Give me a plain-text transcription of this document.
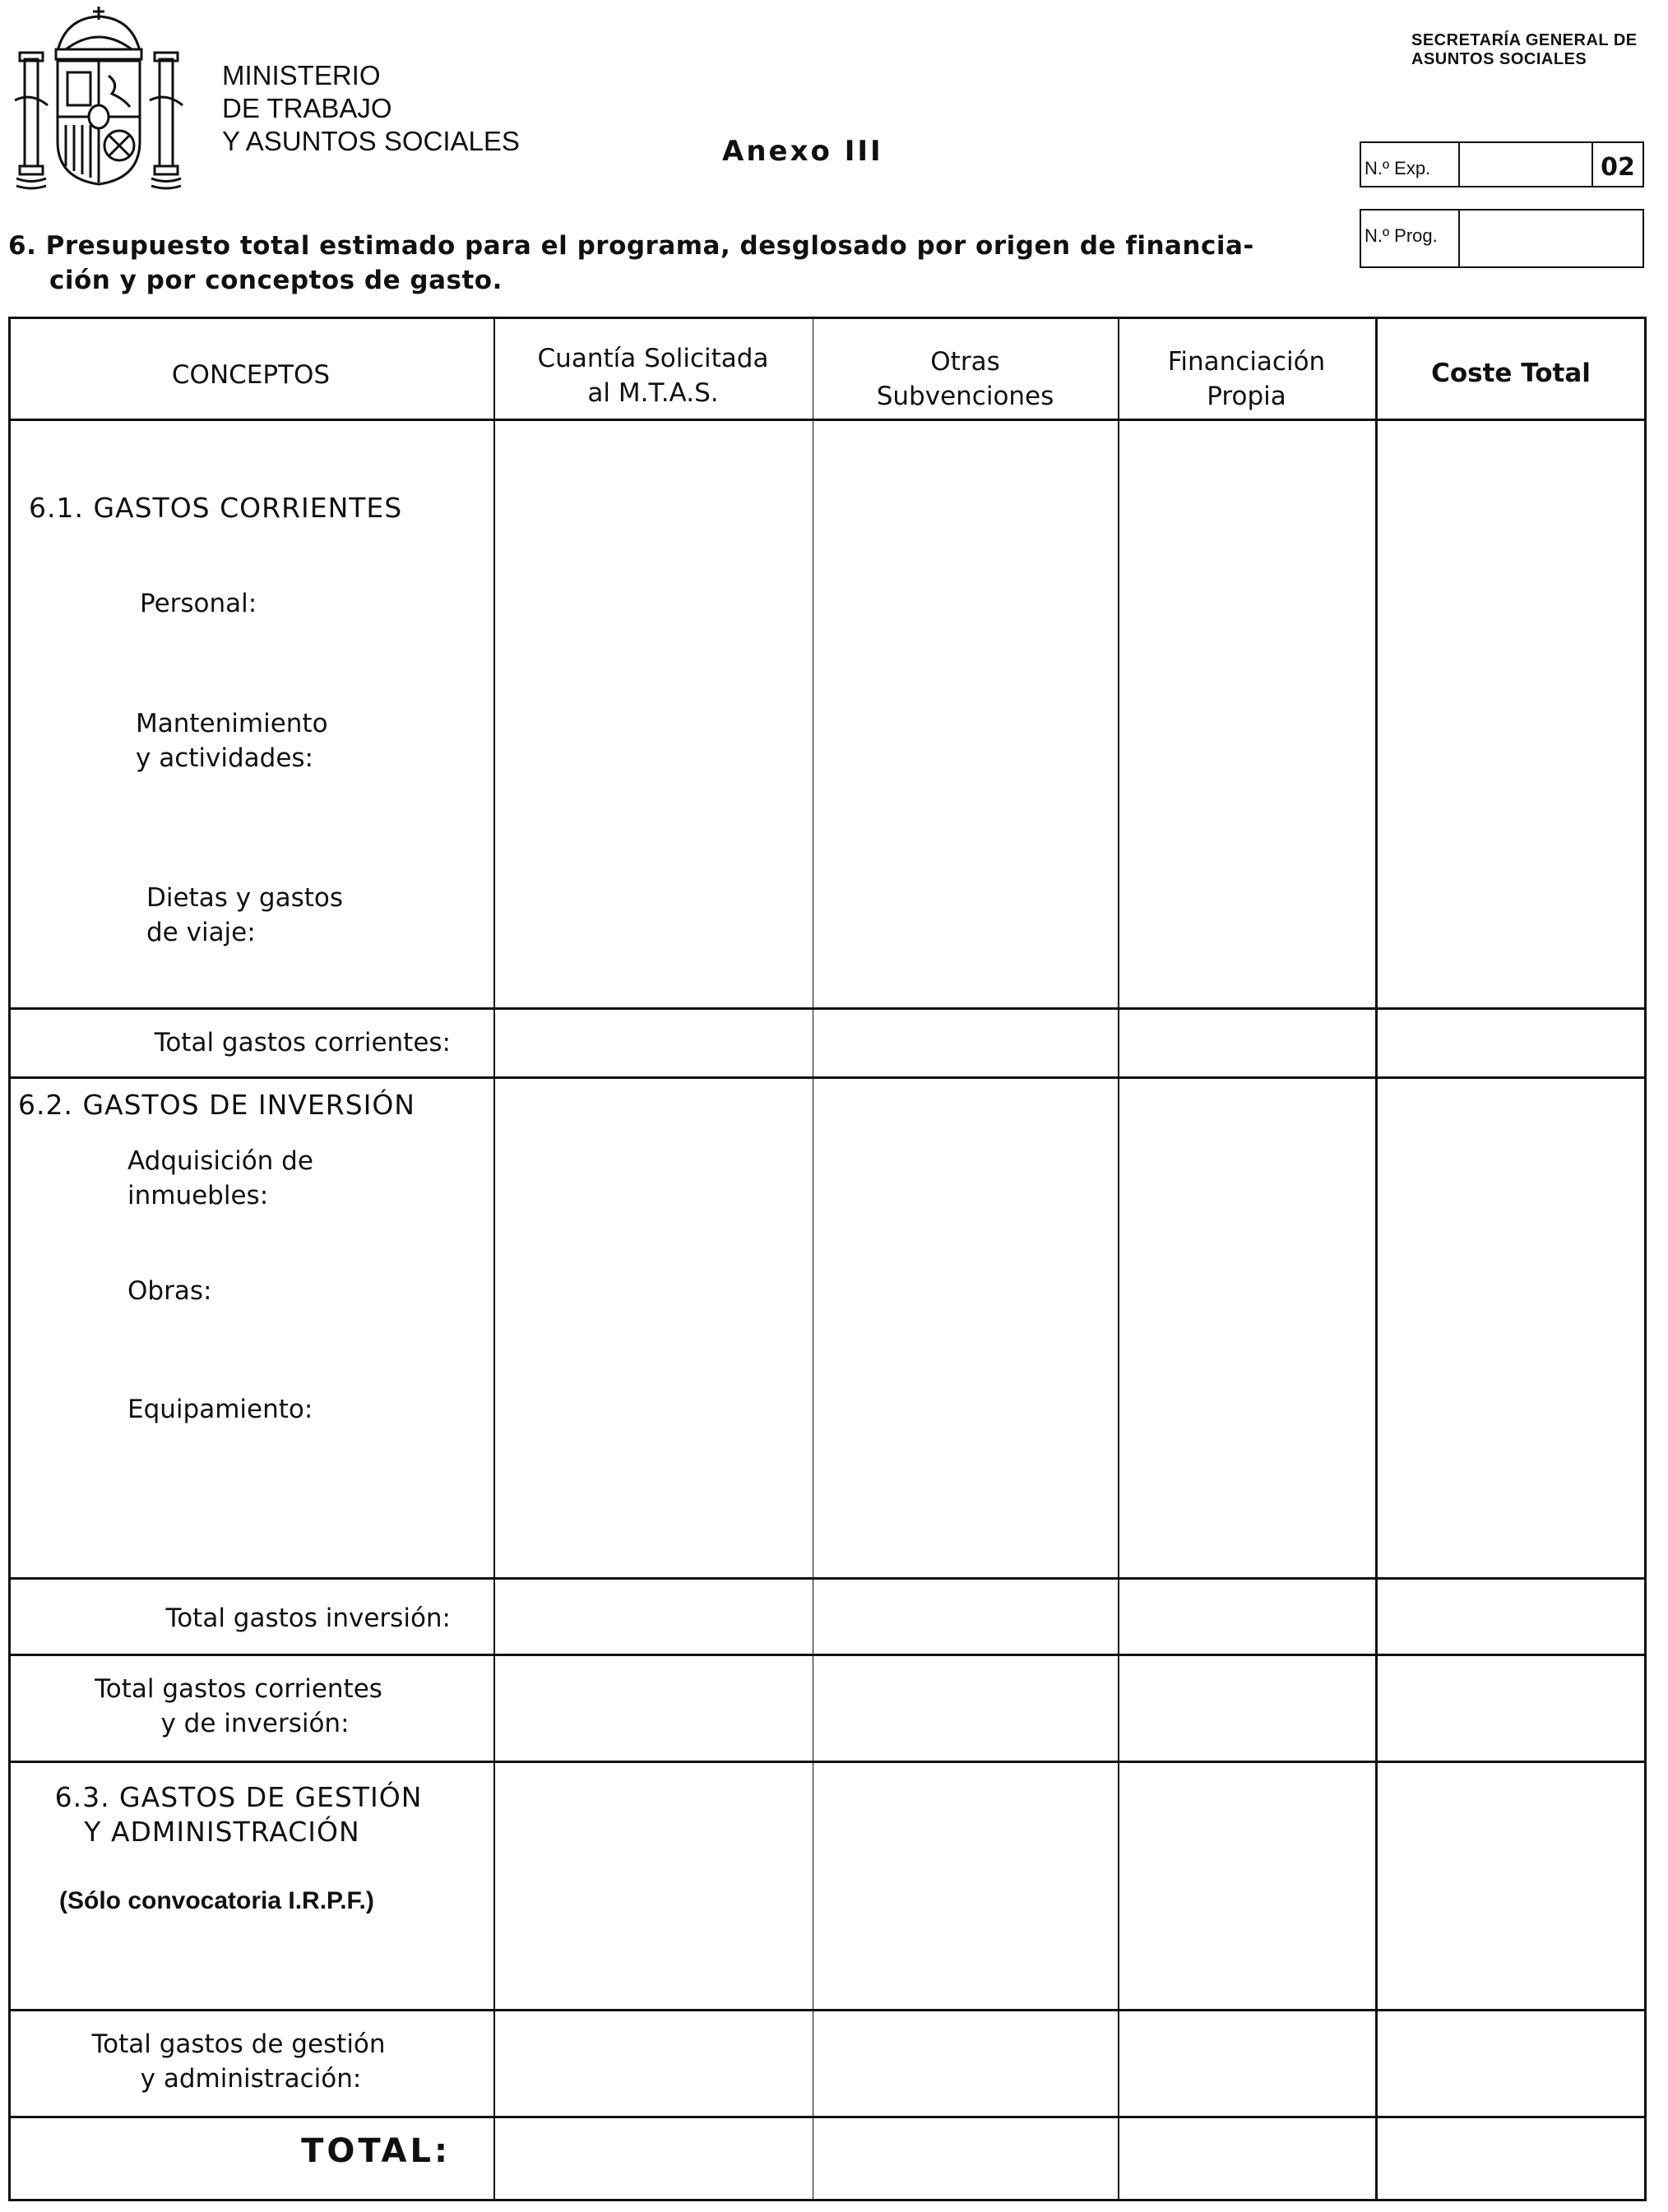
MINISTERIO
DE TRABAJO
Y ASUNTOS SOCIALES	Anexo III
SECRETARÍA GENERAL DE
ASUNTOS SOCIALES
N.º Exp.	02
N.º Prog.
6. Presupuesto total estimado para el programa, desglosado por origen de financia-
ción y por conceptos de gasto.
CONCEPTOS
Cuantía Solicitada
al M.T.A.S.
Otras
Subvenciones
Financiación
Propia
Coste Total
6.1. GASTOS CORRIENTES
Personal:
Mantenimiento
y actividades:
Dietas y gastos
de viaje:
Total gastos corrientes:
6.2. GASTOS DE INVERSIÓN
Adquisición de
inmuebles:
Obras:
Equipamiento:
Total gastos inversión:
Total gastos corrientes
y de inversión:
6.3. GASTOS DE GESTIÓN
Y ADMINISTRACIÓN
(Sólo convocatoria I.R.P.F.)
Total gastos de gestión
y administración:
TOTAL:
